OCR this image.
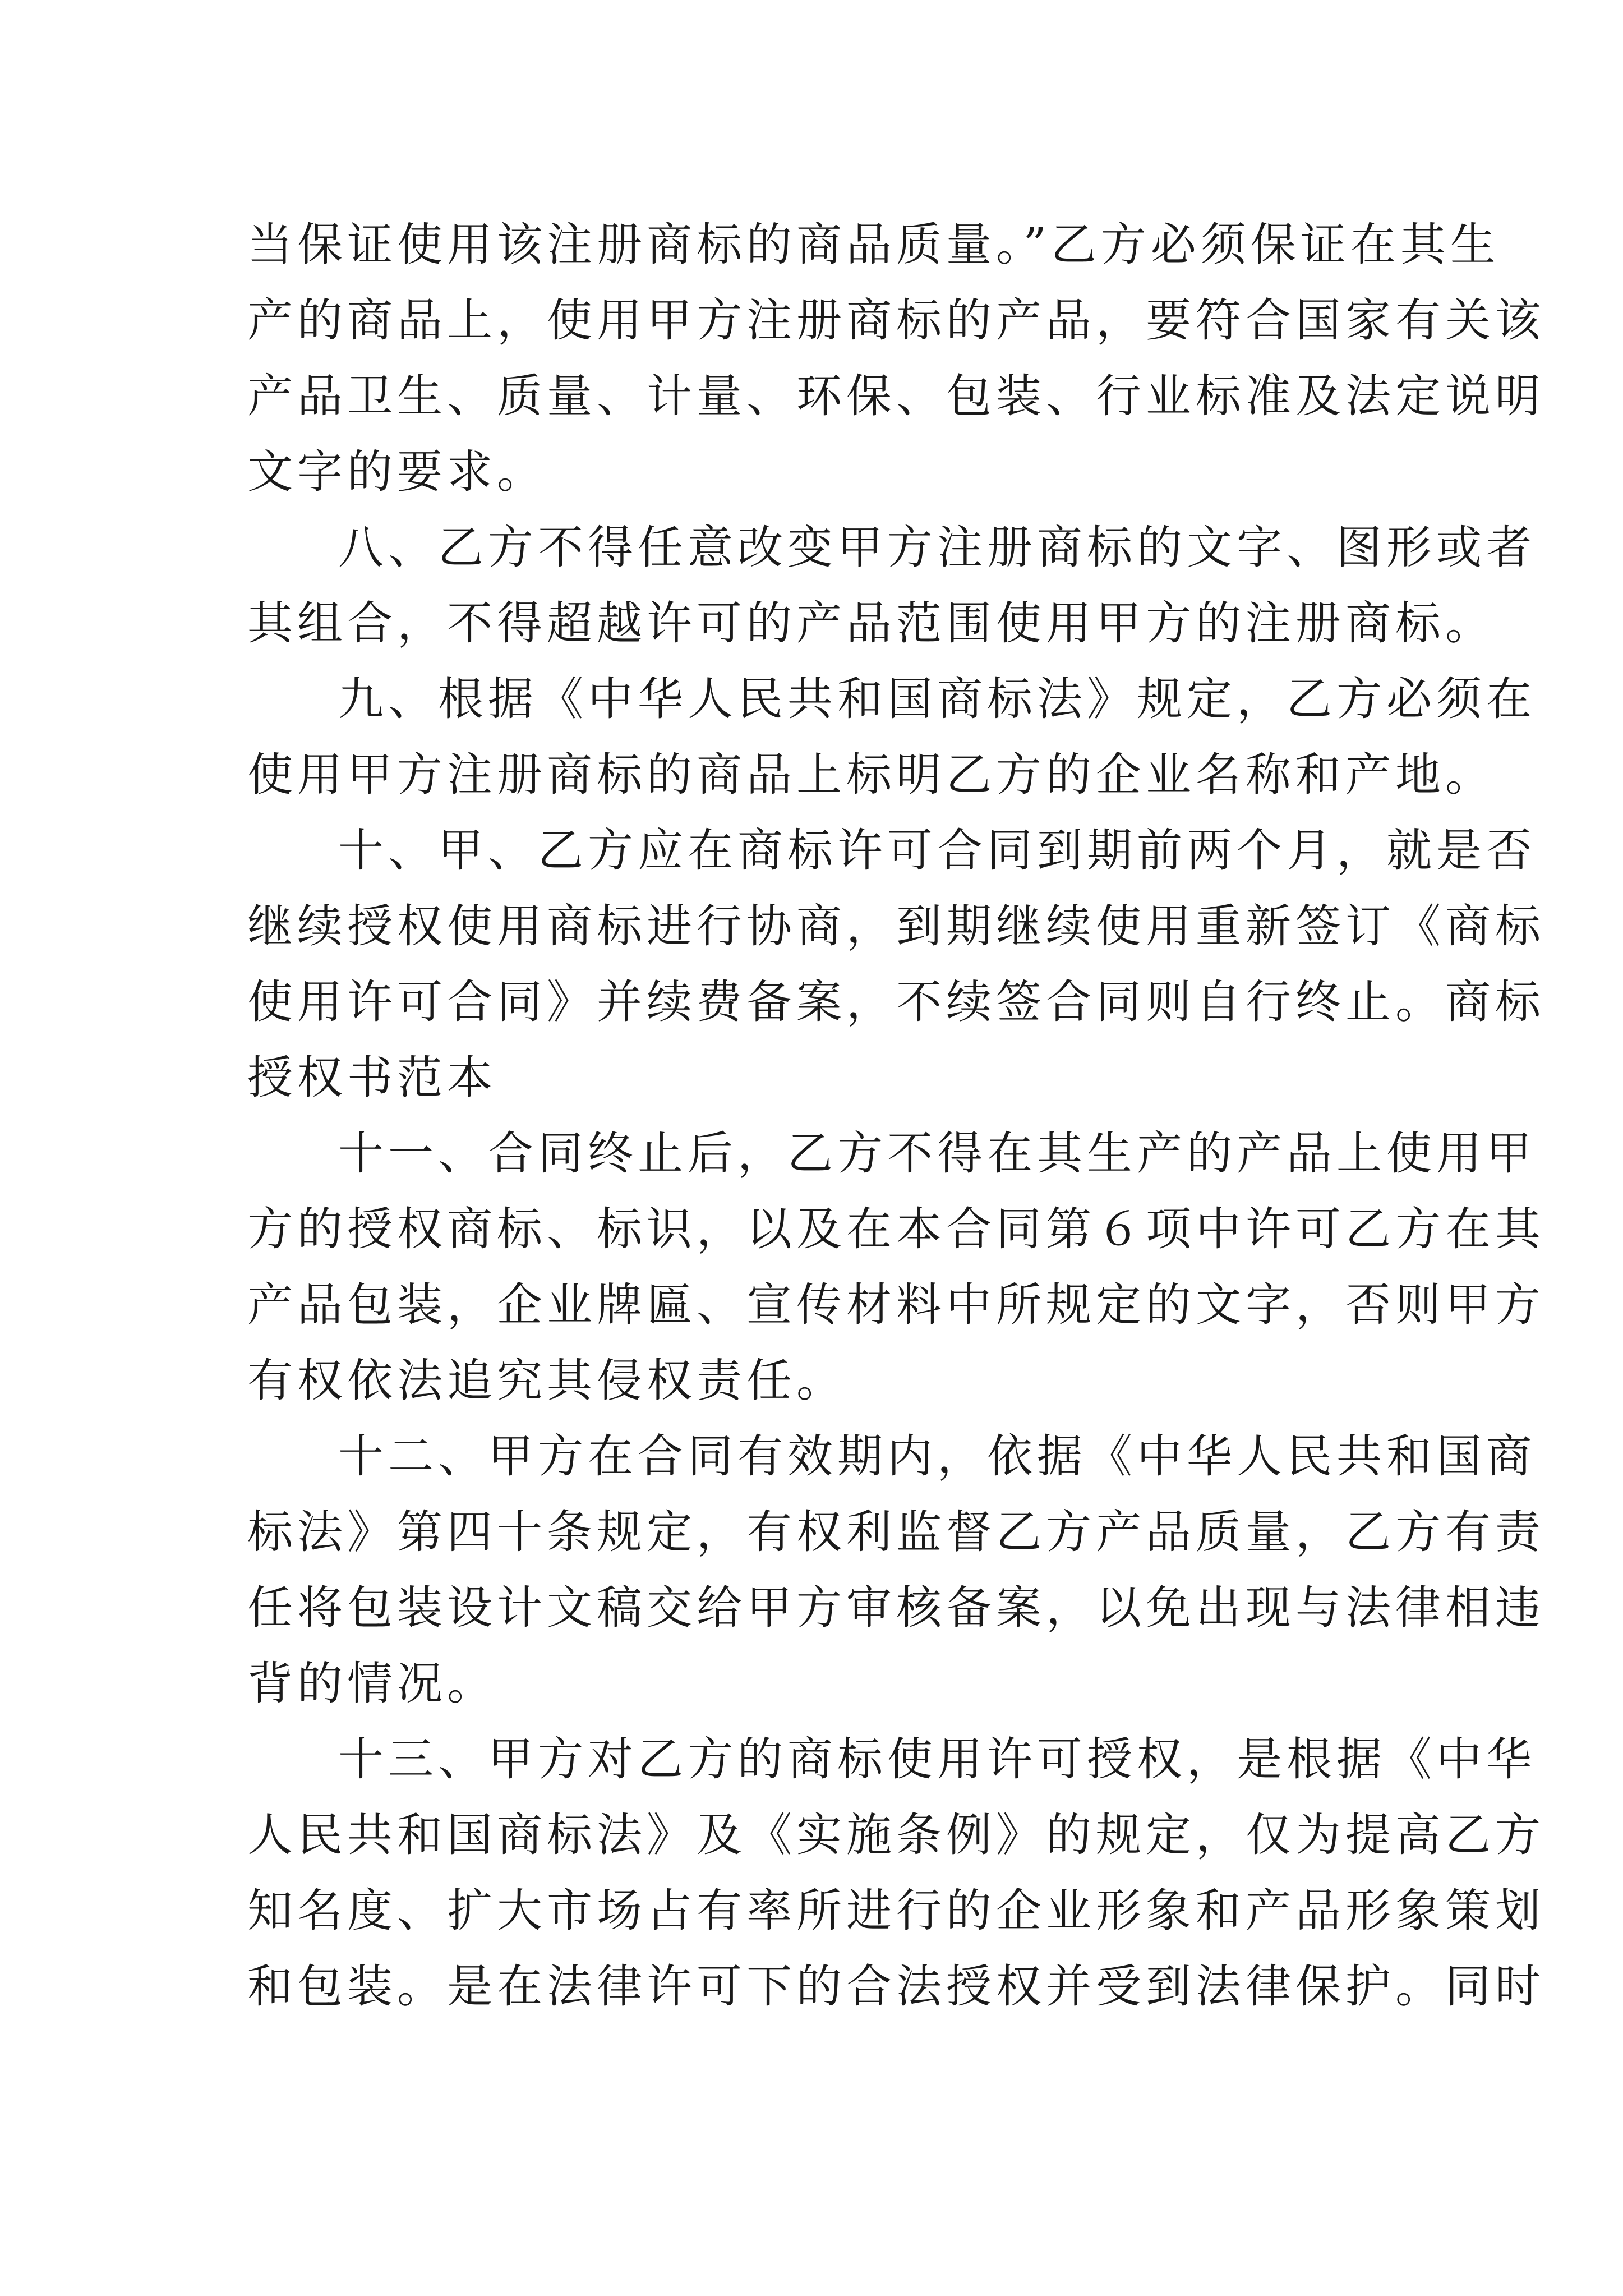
当保证使用该注册商标的商品质量。”乙方必须保证在其生
产的商品上，使用甲方注册商标的产品，要符合国家有关该
产品卫生、质量、计量、环保、包装、行业标准及法定说明
文字的要求。
八、乙方不得任意改变甲方注册商标的文字、图形或者
其组合，不得超越许可的产品范围使用甲方的注册商标。
九、根据《中华人民共和国商标法》规定，乙方必须在
使用甲方注册商标的商品上标明乙方的企业名称和产地。
十、甲、乙方应在商标许可合同到期前两个月，就是否
继续授权使用商标进行协商，到期继续使用重新签订《商标
使用许可合同》并续费备案，不续签合同则自行终止。商标
授权书范本
十一、合同终止后，乙方不得在其生产的产品上使用甲
方的授权商标、标识，以及在本合同第６项中许可乙方在其
产品包装，企业牌匾、宣传材料中所规定的文字，否则甲方
有权依法追究其侵权责任。
十二、甲方在合同有效期内，依据《中华人民共和国商
标法》第四十条规定，有权利监督乙方产品质量，乙方有责
任将包装设计文稿交给甲方审核备案，以免出现与法律相违
背的情况。
十三、甲方对乙方的商标使用许可授权，是根据《中华
人民共和国商标法》及《实施条例》的规定，仅为提高乙方
知名度、扩大市场占有率所进行的企业形象和产品形象策划
和包装。是在法律许可下的合法授权并受到法律保护。同时
